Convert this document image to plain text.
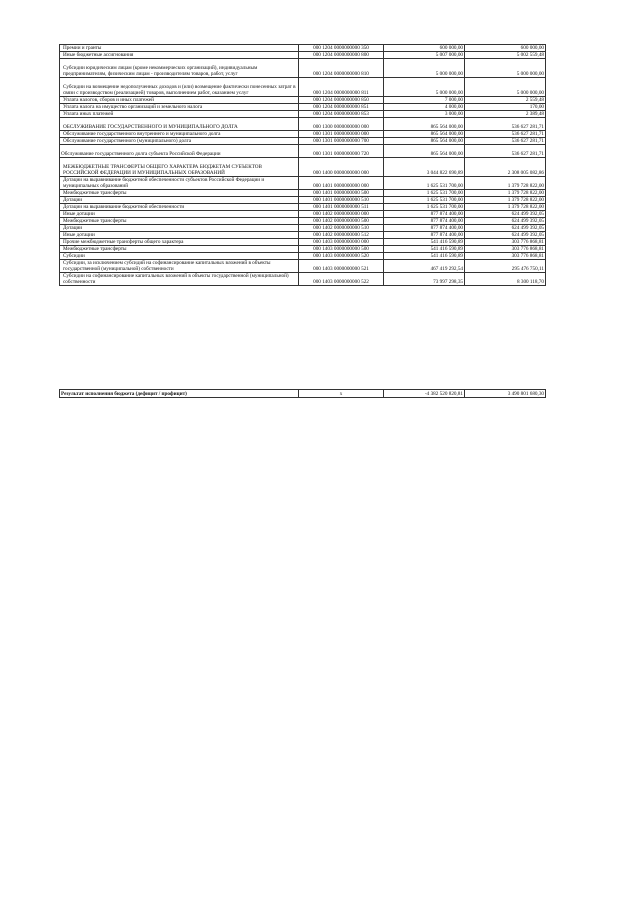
Премии и гранты	000 1204 0000000000 350	600 000,00	600 000,00
Иные бюджетные ассигнования	000 1204 0000000000 800	5 007 000,00	5 002 559,48
Субсидии юридическим лицам (кроме некоммерческих организаций), индивидуальным предпринимателям, физическим лицам - производителям товаров, работ, услуг	000 1204 0000000000 810	5 000 000,00	5 000 000,00
Субсидии на возмещение недополученных доходов и (или) возмещение фактически понесенных затрат в связи с производством (реализацией) товаров, выполнением работ, оказанием услуг	000 1204 0000000000 811	5 000 000,00	5 000 000,00
Уплата налогов, сборов и иных платежей	000 1204 0000000000 850	7 000,00	2 559,48
Уплата налога на имущество организаций и земельного налога	000 1204 0000000000 851	4 000,00	170,00
Уплата иных платежей	000 1204 0000000000 853	3 000,00	2 389,48
ОБСЛУЖИВАНИЕ ГОСУДАРСТВЕННОГО И МУНИЦИПАЛЬНОГО ДОЛГА	000 1300 0000000000 000	865 564 000,00	536 627 281,71
Обслуживание государственного внутреннего и муниципального долга	000 1301 0000000000 000	865 564 000,00	536 627 281,71
Обслуживание государственного (муниципального) долга	000 1301 0000000000 700	865 564 000,00	536 627 281,71
Обслуживание государственного долга субъекта Российской Федерации	000 1301 0000000000 720	865 564 000,00	536 627 281,71
МЕЖБЮДЖЕТНЫЕ ТРАНСФЕРТЫ ОБЩЕГО ХАРАКТЕРА БЮДЖЕТАМ СУБЪЕКТОВ РОССИЙСКОЙ ФЕДЕРАЦИИ И МУНИЦИПАЛЬНЫХ ОБРАЗОВАНИЙ	000 1400 0000000000 000	3 044 822 690,89	2 308 005 082,86
Дотации на выравнивание бюджетной обеспеченности субъектов Российской Федерации и муниципальных образований	000 1401 0000000000 000	1 625 531 700,00	1 379 728 822,00
Межбюджетные трансферты	000 1401 0000000000 500	1 625 531 700,00	1 379 728 822,00
Дотации	000 1401 0000000000 510	1 625 531 700,00	1 379 728 822,00
Дотации на выравнивание бюджетной обеспеченности	000 1401 0000000000 511	1 625 531 700,00	1 379 728 822,00
Иные дотации	000 1402 0000000000 000	877 874 400,00	624 499 392,05
Межбюджетные трансферты	000 1402 0000000000 500	877 874 400,00	624 499 392,05
Дотации	000 1402 0000000000 510	877 874 400,00	624 499 392,05
Иные дотации	000 1402 0000000000 512	877 874 400,00	624 499 392,05
Прочие межбюджетные трансферты общего характера	000 1403 0000000000 000	541 416 590,89	303 776 868,81
Межбюджетные трансферты	000 1403 0000000000 500	541 416 590,89	303 776 868,81
Субсидии	000 1403 0000000000 520	541 416 590,89	303 776 868,81
Субсидии, за исключением субсидий на софинансирование капитальных вложений в объекты государственной (муниципальной) собственности	000 1403 0000000000 521	467 419 292,54	295 476 750,11
Субсидии на софинансирование капитальных вложений в объекты государственной (муниципальной) собственности	000 1403 0000000000 522	73 997 298,35	8 300 118,70
Результат исполнения бюджета (дефицит / профицит)	x	-4 382 520 820,81	3 490 801 680,30
